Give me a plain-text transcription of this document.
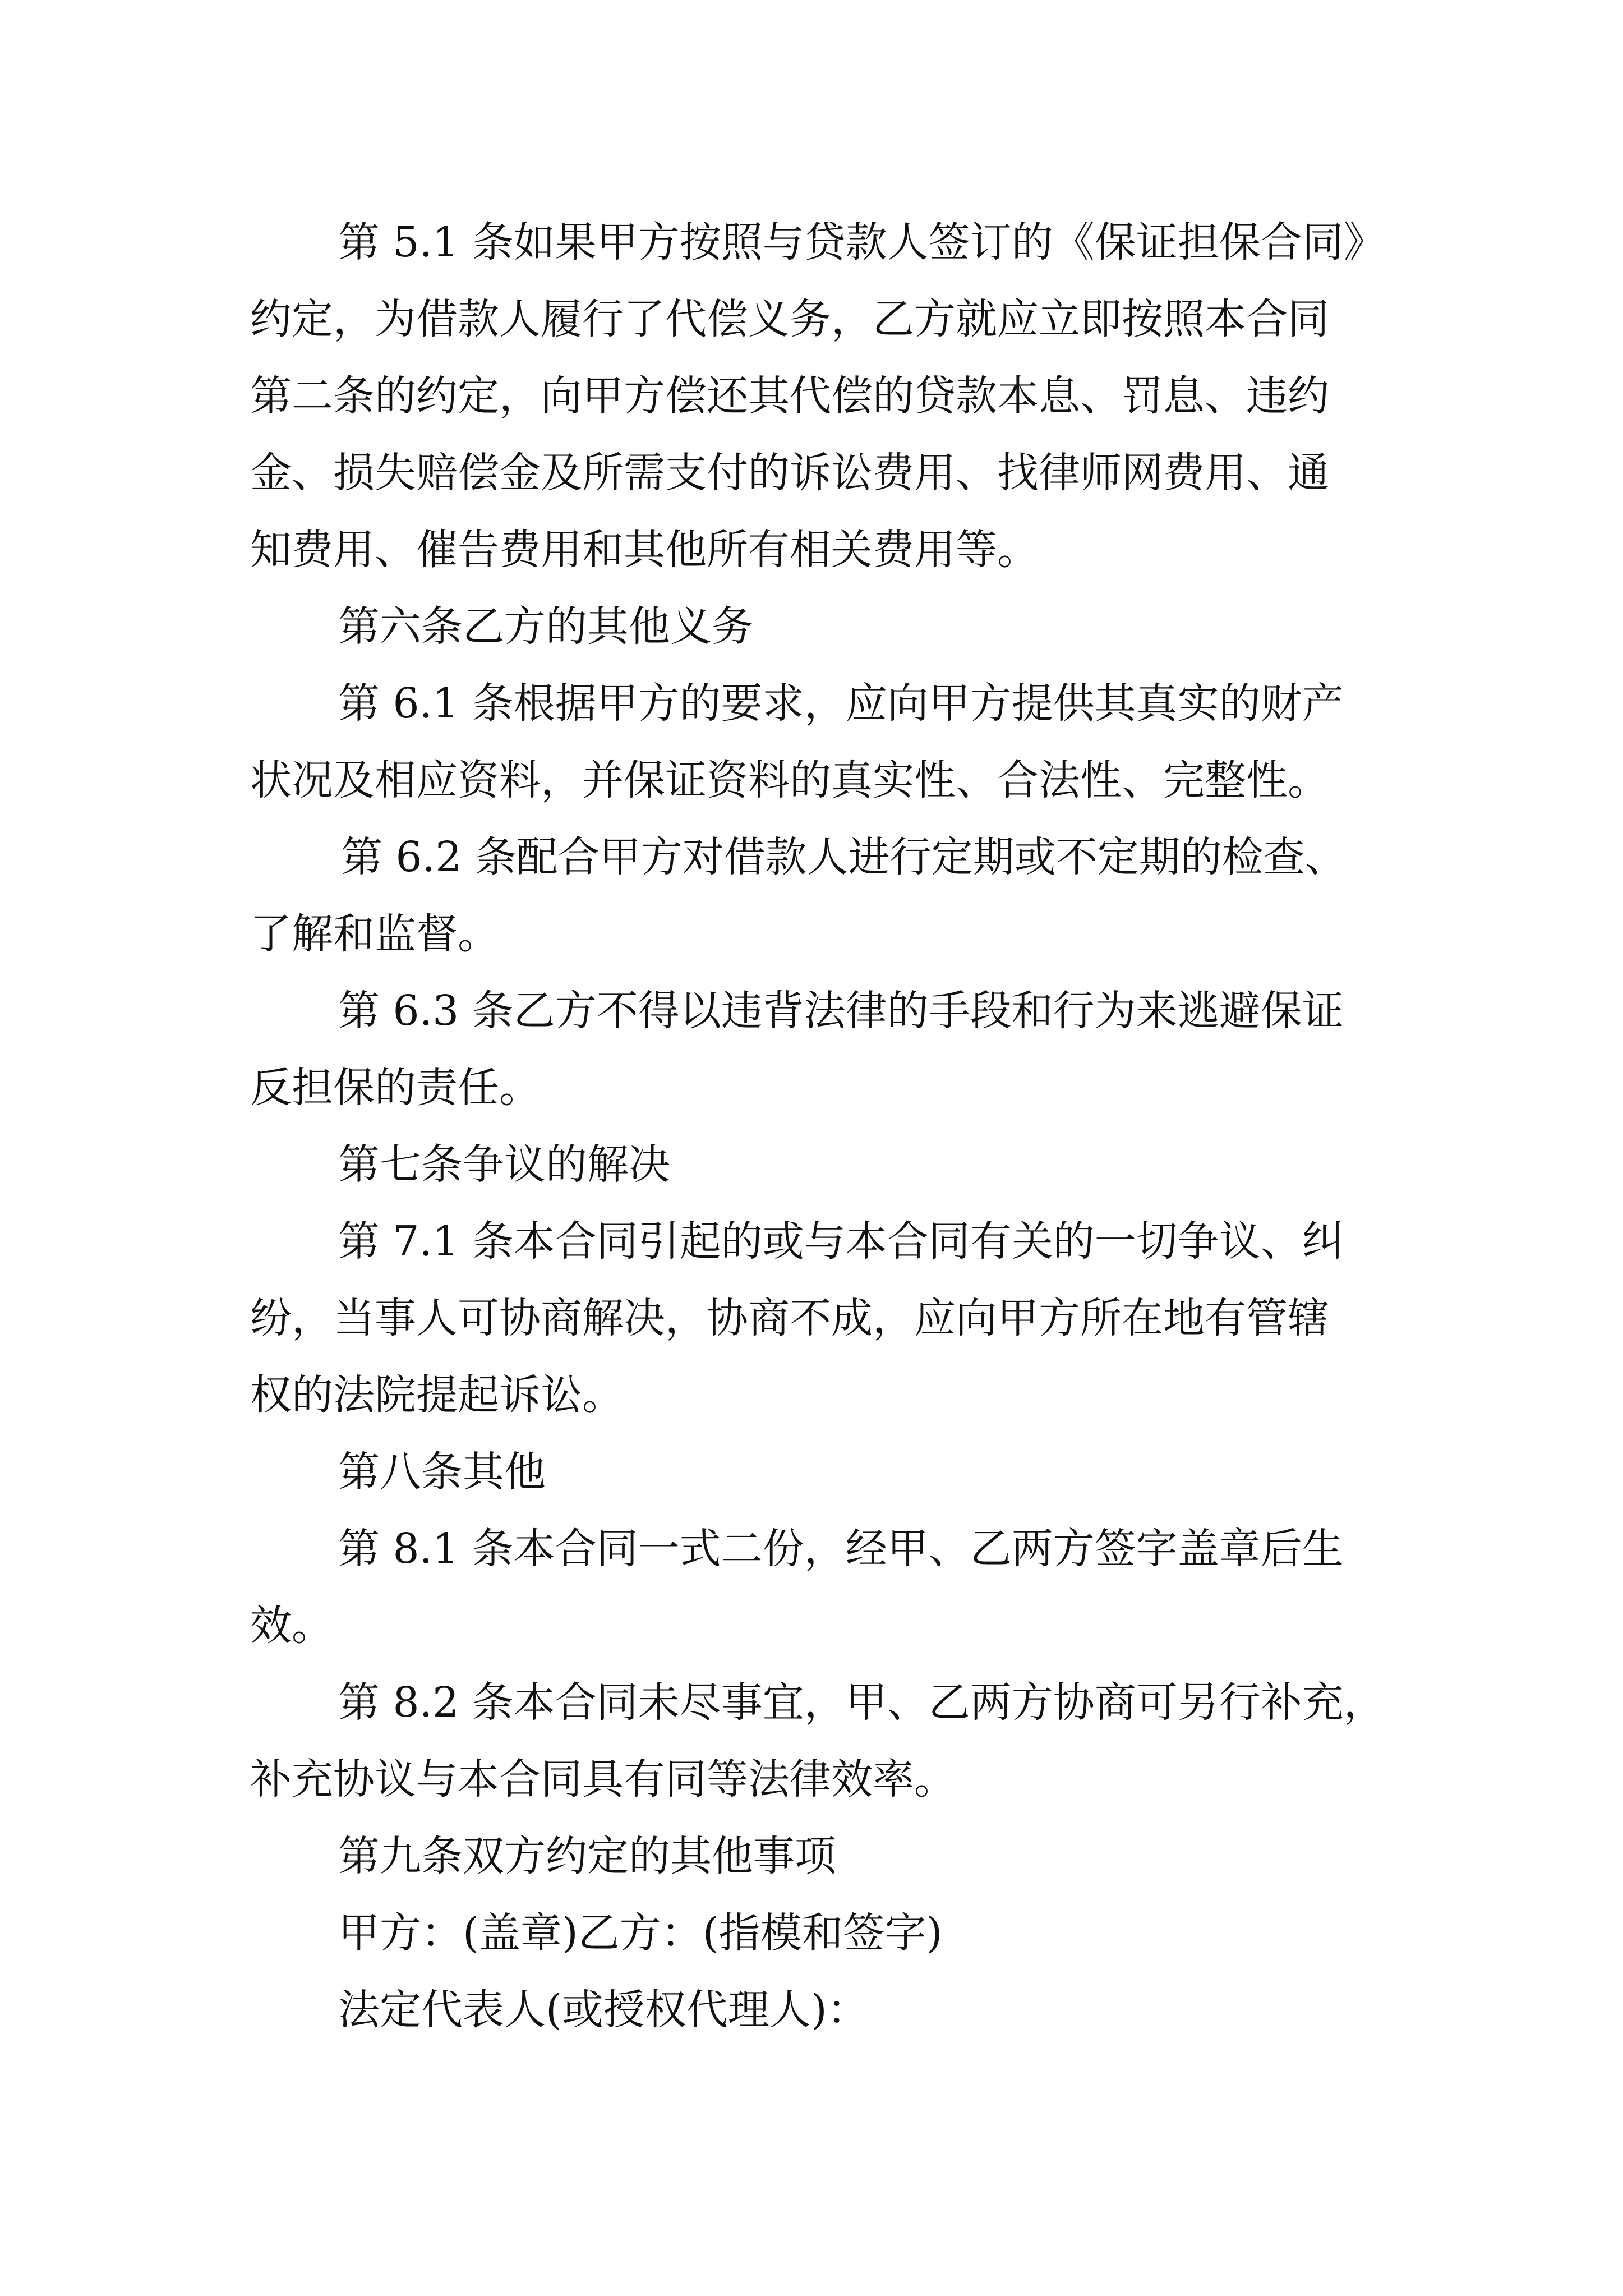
第 5.1 条如果甲方按照与贷款人签订的《保证担保合同》
约定，为借款人履行了代偿义务，乙方就应立即按照本合同
第二条的约定，向甲方偿还其代偿的贷款本息、罚息、违约
金、损失赔偿金及所需支付的诉讼费用、找律师网费用、通
知费用、催告费用和其他所有相关费用等。
第六条乙方的其他义务
第 6.1 条根据甲方的要求，应向甲方提供其真实的财产
状况及相应资料，并保证资料的真实性、合法性、完整性。
第 6.2 条配合甲方对借款人进行定期或不定期的检查、
了解和监督。
第 6.3 条乙方不得以违背法律的手段和行为来逃避保证
反担保的责任。
第七条争议的解决
第 7.1 条本合同引起的或与本合同有关的一切争议、纠
纷，当事人可协商解决，协商不成，应向甲方所在地有管辖
权的法院提起诉讼。
第八条其他
第 8.1 条本合同一式二份，经甲、乙两方签字盖章后生
效。
第 8.2 条本合同未尽事宜，甲、乙两方协商可另行补充，
补充协议与本合同具有同等法律效率。
第九条双方约定的其他事项
甲方：(盖章)乙方：(指模和签字)
法定代表人(或授权代理人)：
